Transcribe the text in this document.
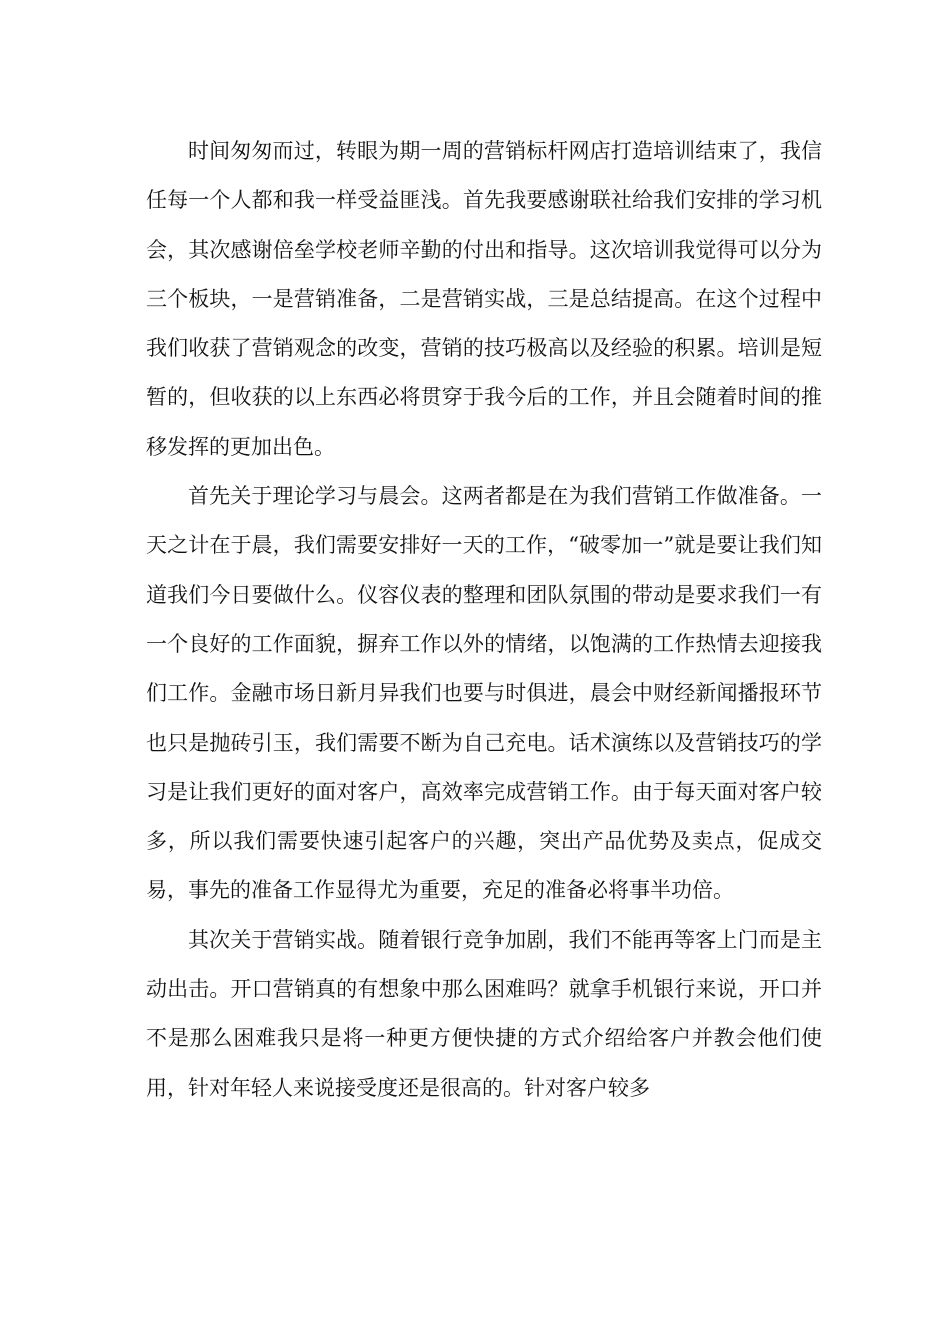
时间匆匆而过，转眼为期一周的营销标杆网店打造培训结束了，我信任每一个人都和我一样受益匪浅。首先我要感谢联社给我们安排的学习机会，其次感谢倍垒学校老师辛勤的付出和指导。这次培训我觉得可以分为三个板块，一是营销准备，二是营销实战，三是总结提高。在这个过程中我们收获了营销观念的改变，营销的技巧极高以及经验的积累。培训是短暂的，但收获的以上东西必将贯穿于我今后的工作，并且会随着时间的推移发挥的更加出色。

首先关于理论学习与晨会。这两者都是在为我们营销工作做准备。一天之计在于晨，我们需要安排好一天的工作，“破零加一”就是要让我们知道我们今日要做什么。仪容仪表的整理和团队氛围的带动是要求我们一有一个良好的工作面貌，摒弃工作以外的情绪，以饱满的工作热情去迎接我们工作。金融市场日新月异我们也要与时俱进，晨会中财经新闻播报环节也只是抛砖引玉，我们需要不断为自己充电。话术演练以及营销技巧的学习是让我们更好的面对客户，高效率完成营销工作。由于每天面对客户较多，所以我们需要快速引起客户的兴趣，突出产品优势及卖点，促成交易，事先的准备工作显得尤为重要，充足的准备必将事半功倍。

其次关于营销实战。随着银行竞争加剧，我们不能再等客上门而是主动出击。开口营销真的有想象中那么困难吗？就拿手机银行来说，开口并不是那么困难我只是将一种更方便快捷的方式介绍给客户并教会他们使用，针对年轻人来说接受度还是很高的。针对客户较多
